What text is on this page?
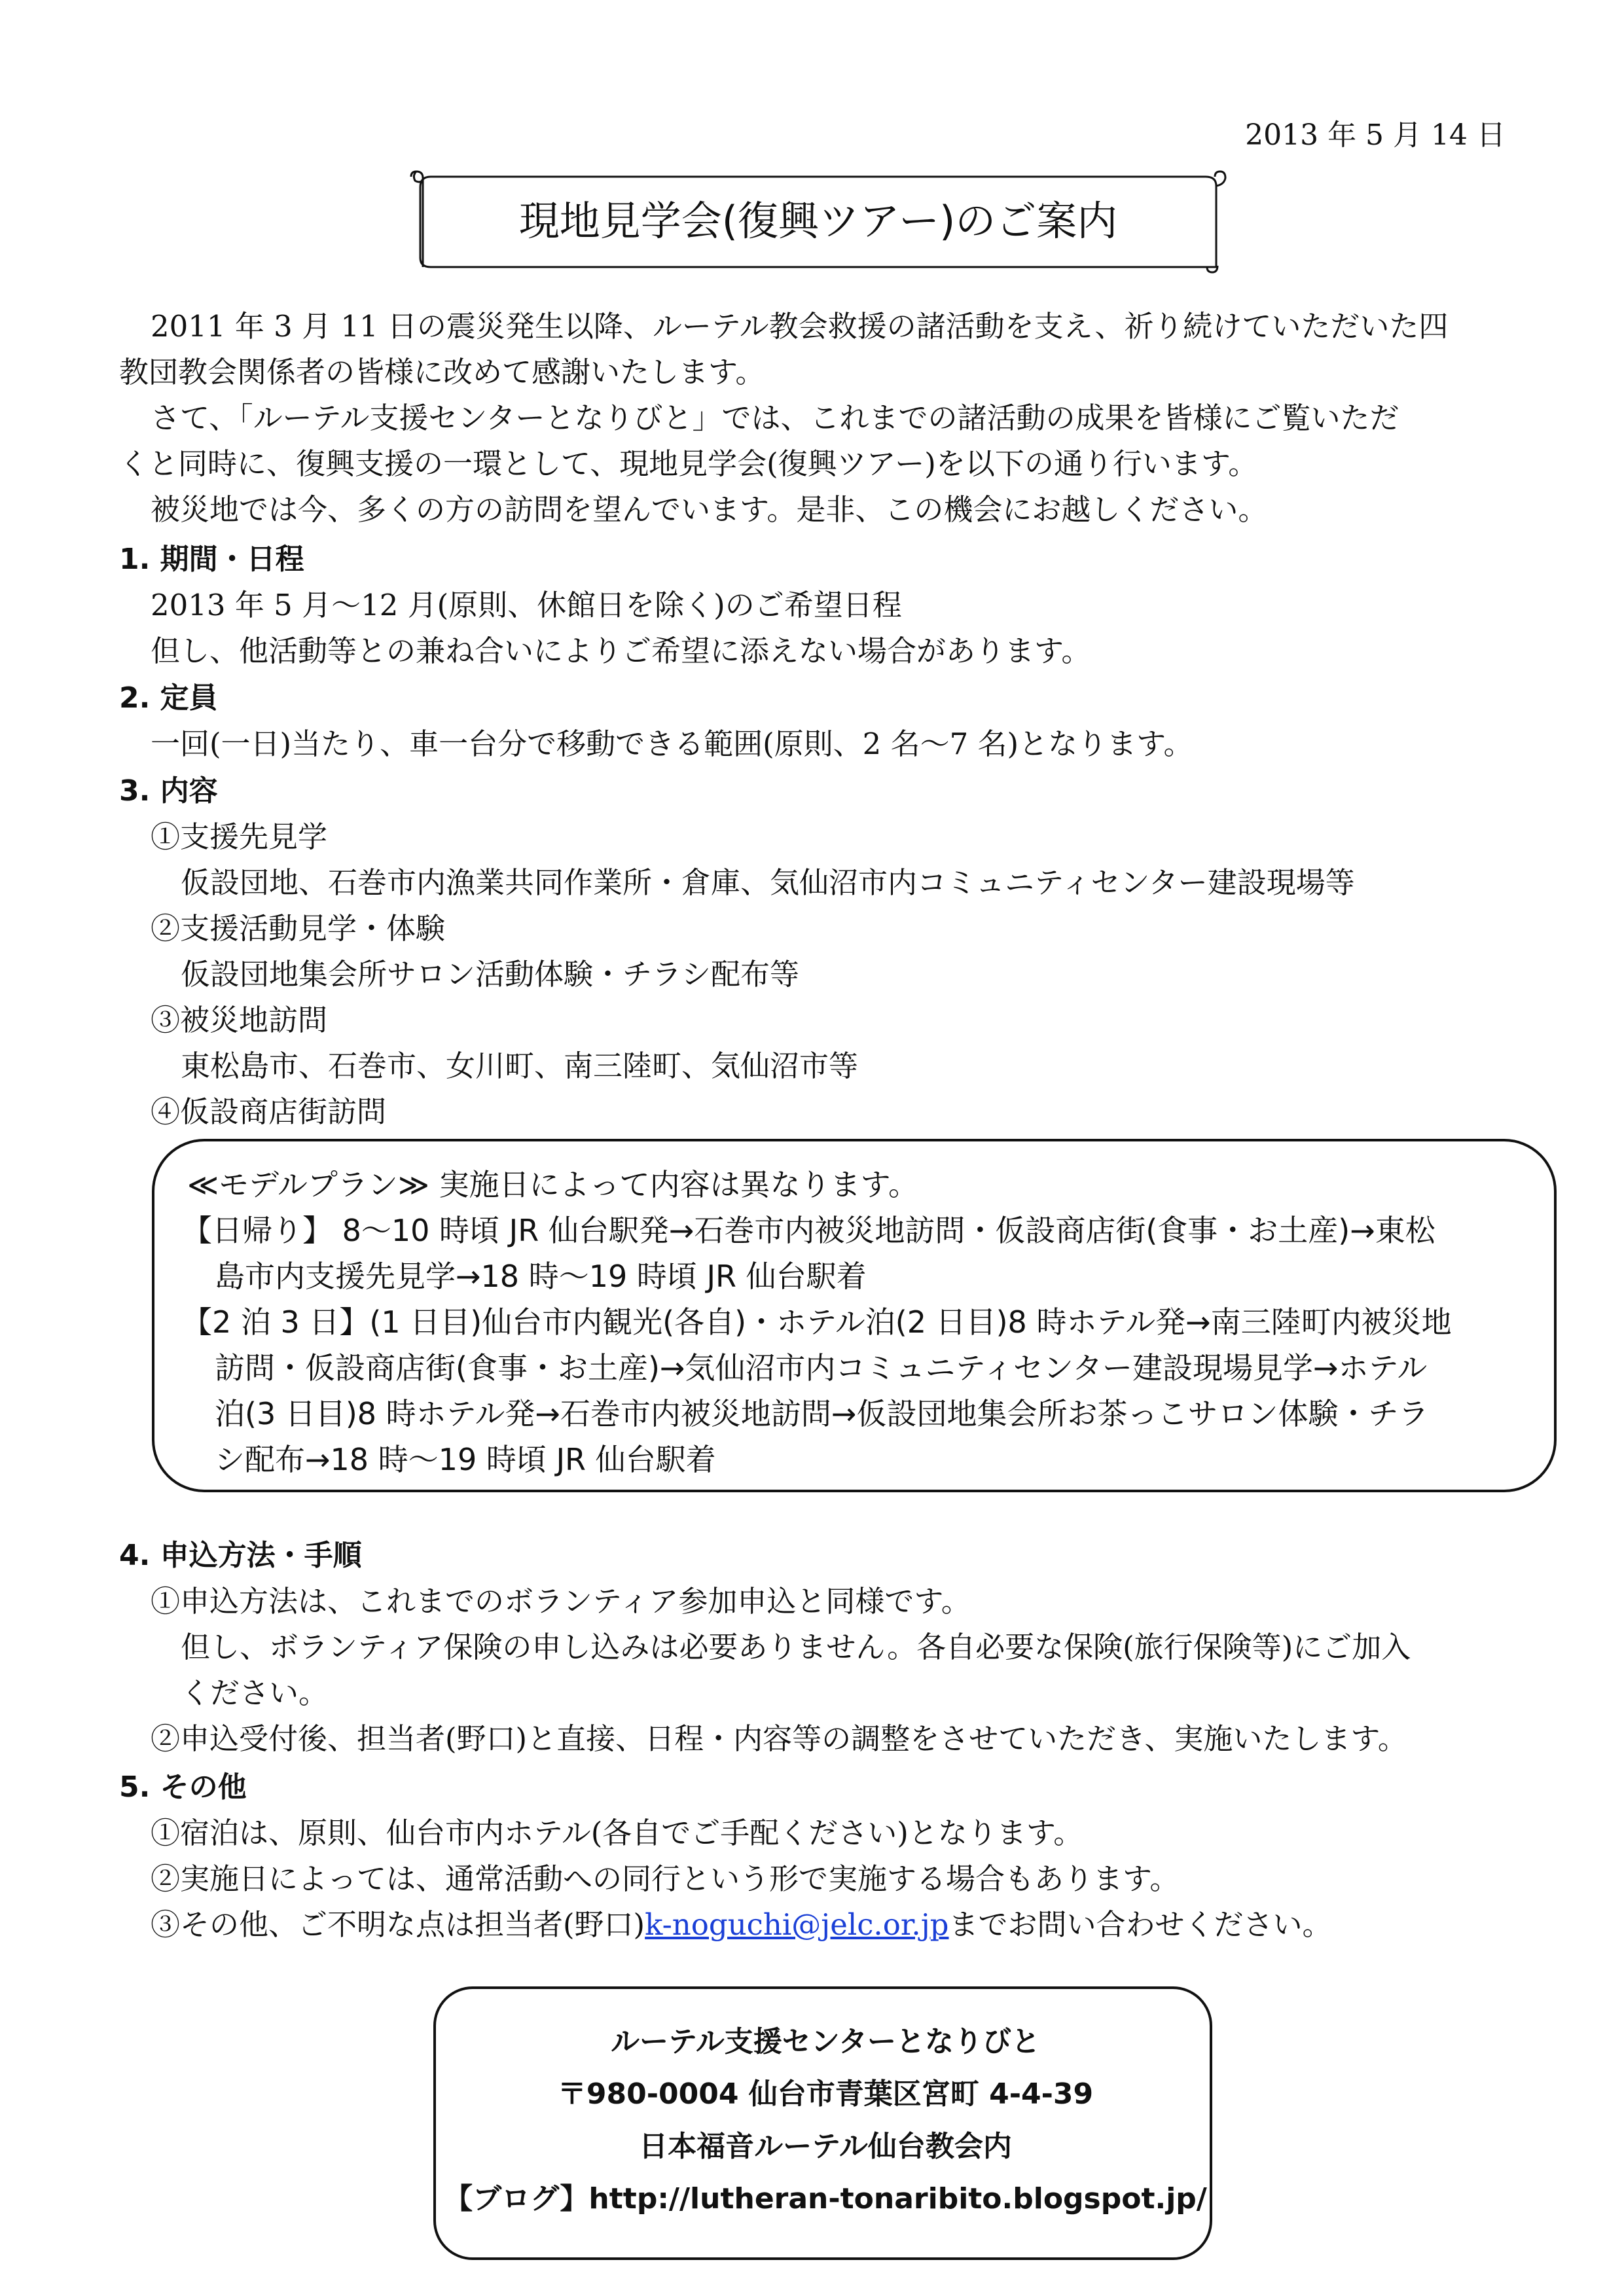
2013 年 5 月 14 日
現地見学会(復興ツアー)のご案内
2011 年 3 月 11 日の震災発生以降、ルーテル教会救援の諸活動を支え、祈り続けていただいた四
教団教会関係者の皆様に改めて感謝いたします。
さて、「ルーテル支援センターとなりびと」では、これまでの諸活動の成果を皆様にご覧いただ
くと同時に、復興支援の一環として、現地見学会(復興ツアー)を以下の通り行います。
被災地では今、多くの方の訪問を望んでいます。是非、この機会にお越しください。
1. 期間・日程
2013 年 5 月～12 月(原則、休館日を除く)のご希望日程
但し、他活動等との兼ね合いによりご希望に添えない場合があります。
2. 定員
一回(一日)当たり、車一台分で移動できる範囲(原則、2 名～7 名)となります。
3. 内容
①支援先見学
仮設団地、石巻市内漁業共同作業所・倉庫、気仙沼市内コミュニティセンター建設現場等
②支援活動見学・体験
仮設団地集会所サロン活動体験・チラシ配布等
③被災地訪問
東松島市、石巻市、女川町、南三陸町、気仙沼市等
④仮設商店街訪問
≪モデルプラン≫ 実施日によって内容は異なります。
【日帰り】 8～10 時頃 JR 仙台駅発→石巻市内被災地訪問・仮設商店街(食事・お土産)→東松
島市内支援先見学→18 時～19 時頃 JR 仙台駅着
【2 泊 3 日】(1 日目)仙台市内観光(各自)・ホテル泊(2 日目)8 時ホテル発→南三陸町内被災地
訪問・仮設商店街(食事・お土産)→気仙沼市内コミュニティセンター建設現場見学→ホテル
泊(3 日目)8 時ホテル発→石巻市内被災地訪問→仮設団地集会所お茶っこサロン体験・チラ
シ配布→18 時～19 時頃 JR 仙台駅着
4. 申込方法・手順
①申込方法は、これまでのボランティア参加申込と同様です。
但し、ボランティア保険の申し込みは必要ありません。各自必要な保険(旅行保険等)にご加入
ください。
②申込受付後、担当者(野口)と直接、日程・内容等の調整をさせていただき、実施いたします。
5. その他
①宿泊は、原則、仙台市内ホテル(各自でご手配ください)となります。
②実施日によっては、通常活動への同行という形で実施する場合もあります。
③その他、ご不明な点は担当者(野口)k-noguchi@jelc.or.jpまでお問い合わせください。
ルーテル支援センターとなりびと
〒980-0004 仙台市青葉区宮町 4-4-39
日本福音ルーテル仙台教会内
【ブログ】http://lutheran-tonaribito.blogspot.jp/
